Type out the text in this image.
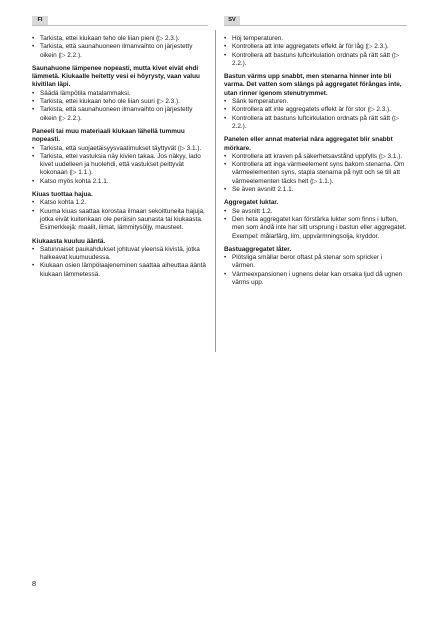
FI	SV
• Tarkista, ettei kiukaan teho ole liian pieni (▷ 2.3.).
• Tarkista, että saunahuoneen ilmanvaihto on järjestetty oikein (▷ 2.2.).

Saunahuone lämpenee nopeasti, mutta kivet eivät ehdi lämmetä. Kiukaalle heitetty vesi ei höyrysty, vaan valuu kivitilan läpi.

• Säädä lämpötila matalammaksi.
• Tarkista, ettei kiukaan teho ole liian suuri (▷ 2.3.).
• Tarkista, että saunahuoneen ilmanvaihto on järjestetty oikein (▷ 2.2.).

Paneeli tai muu materiaali kiukaan lähellä tummuu nopeasti.

• Tarkista, että suojaetäisyysvaatimukset täyttyvät (▷ 3.1.).
• Tarkista, ettei vastuksia näy kivien takaa. Jos näkyy, lado kivet uudelleen ja huolehdi, että vastukset peittyvät kokonaan (▷ 1.1.).
• Katso myös kohta 2.1.1.

Kiuas tuottaa hajua.

• Katso kohta 1.2.
• Kuuma kiuas saattaa korostaa ilmaan sekoittuneita hajuja, jotka eivät kuitenkaan ole peräisin saunasta tai kiukaasta. Esimerkkejä: maalit, liimat, lämmitysöljy, mausteet.

Kiukaasta kuuluu ääntä.

• Satunnaiset paukahdukset johtuvat yleensä kivistä, jotka halkeavat kuumuudessa.
• Kiukaan osien lämpölaajeneminen saattaa aiheuttaa ääntä kiukaan lämmetessä.
• Höj temperaturen.
• Kontrollera att inte aggregatets effekt är för låg (▷ 2.3.).
• Kontrollera att bastuns luftcirkulation ordnats på rätt sätt (▷ 2.2.).

Bastun värms upp snabbt, men stenarna hinner inte bli varma. Det vatten som slängs på aggregatet förångas inte, utan rinner igenom stenutrymmet.

• Sänk temperaturen.
• Kontrollera att inte aggregatets effekt är för stor (▷ 2.3.).
• Kontrollera att bastuns luftcirkulation ordnats på rätt sätt (▷ 2.2.).

Panelen eller annat material nära aggregatet blir snabbt mörkare.

• Kontrollera att kraven på säkerhetsavstånd uppfylls (▷ 3.1.).
• Kontrollera att inga värmeelement syns bakom stenarna. Om värmeelementen syns, stapla stenarna på nytt och se till att värmeelementen täcks helt (▷ 1.1.).
• Se även avsnitt 2.1.1.

Aggregatet luktar.

• Se avsnitt 1.2.
• Den heta aggregatet kan förstärka lukter som finns i luften, men som ändå inte har sitt ursprung i bastun eller aggregatet. Exempel: målarfärg, lim, uppvärmningsolja, kryddor.

Bastuaggregatet låter.

• Plötsliga smällar beror oftast på stenar som spricker i värmen.
• Värmeexpansionen i ugnens delar kan orsaka ljud då ugnen värms upp.
8
